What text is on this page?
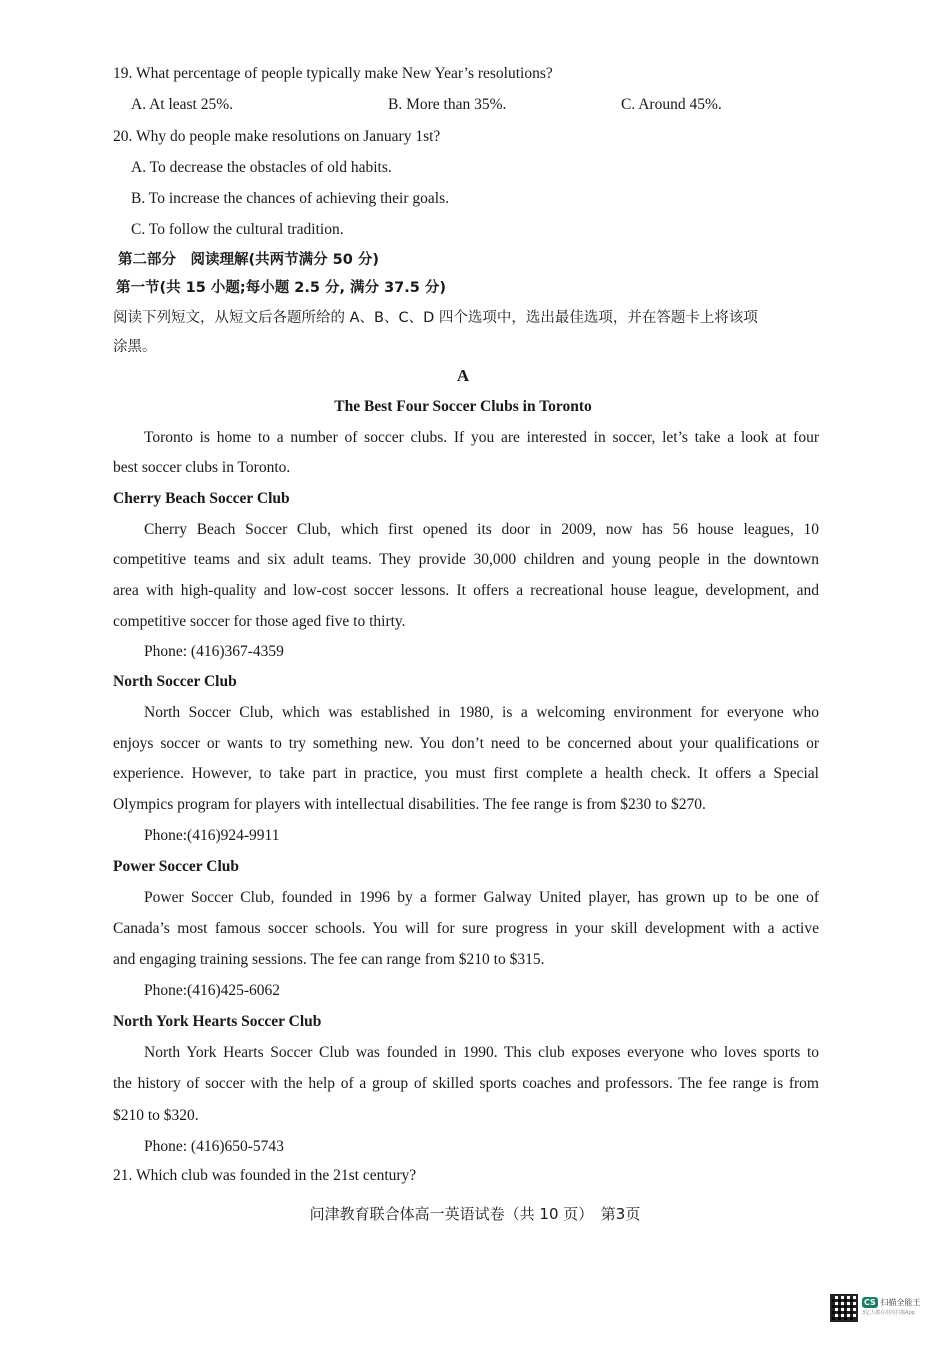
19. What percentage of people typically make New Year’s resolutions?
A. At least 25%.	B. More than 35%.	C. Around 45%.
20. Why do people make resolutions on January 1st?
A. To decrease the obstacles of old habits.
B. To increase the chances of achieving their goals.
C. To follow the cultural tradition.
第二部分　阅读理解(共两节满分 50 分)
第一节(共 15 小题;每小题 2.5 分, 满分 37.5 分)
阅读下列短文，从短文后各题所给的 A、B、C、D 四个选项中，选出最佳选项，并在答题卡上将该项
涂黑。
A
The Best Four Soccer Clubs in Toronto
Toronto is home to a number of soccer clubs. If you are interested in soccer, let’s take a look at four
best soccer clubs in Toronto.
Cherry Beach Soccer Club
Cherry Beach Soccer Club, which first opened its door in 2009, now has 56 house leagues, 10
competitive teams and six adult teams. They provide 30,000 children and young people in the downtown
area with high-quality and low-cost soccer lessons. It offers a recreational house league, development, and
competitive soccer for those aged five to thirty.
Phone: (416)367-4359
North Soccer Club
North Soccer Club, which was established in 1980, is a welcoming environment for everyone who
enjoys soccer or wants to try something new. You don’t need to be concerned about your qualifications or
experience. However, to take part in practice, you must first complete a health check. It offers a Special
Olympics program for players with intellectual disabilities. The fee range is from $230 to $270.
Phone:(416)924-9911
Power Soccer Club
Power Soccer Club, founded in 1996 by a former Galway United player, has grown up to be one of
Canada’s most famous soccer schools. You will for sure progress in your skill development with a active
and engaging training sessions. The fee can range from $210 to $315.
Phone:(416)425-6062
North York Hearts Soccer Club
North York Hearts Soccer Club was founded in 1990. This club exposes everyone who loves sports to
the history of soccer with the help of a group of skilled sports coaches and professors. The fee range is from
$210 to $320.
Phone: (416)650-5743
21. Which club was founded in the 21st century?
问津教育联合体高一英语试卷（共 10 页）　第3页
CS 扫描全能王
3亿人都在用的扫描App
